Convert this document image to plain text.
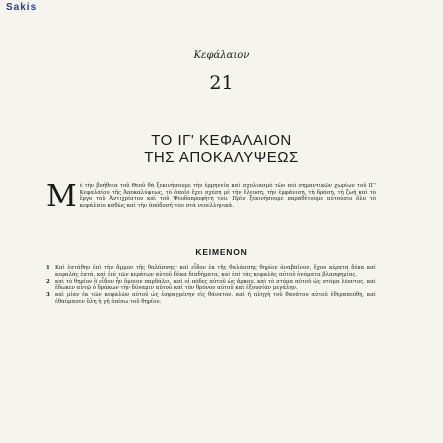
Sakis
Κεφάλαιον
21
ΤΟ ΙΓ' ΚΕΦΑΛΑΙΟΝ
ΤΗΣ ΑΠΟΚΑΛΥΨΕΩΣ
Μ έ τὴν βοήθεια τοῦ Θεοῦ θὰ ξεκινήσουμε τὴν ἑρμηνεία καὶ σχολιασμὸ τῶν πιὸ σημαντικῶν χωρίων τοῦ ΙΓ' Κεφαλαίου τῆς Ἀποκαλύψεως, τὸ ὁποῖο ἔχει σχέση μὲ τὴν ἔλευση, τὴν ἐμφάνιση, τὴ δράση, τὴ ζωὴ καὶ τὸ ἔργο τοῦ Ἀντιχρίστου καὶ τοῦ Ψευδοπροφήτη του. Πρὶν ξεκινήσουμε παραθέτουμε αὐτούσιο ὅλο τὸ κεφάλαιο καθὼς καὶ τὴν ἀπόδοσή του στὰ νεοελληνικά.
ΚΕΙΜΕΝΟΝ
1 Καὶ ἐστάθην ἐπὶ τὴν ἄμμον τῆς θαλάσσης· καὶ εἶδον ἐκ τῆς θαλάσσης θηρίον ἀναβαῖνον, ἔχον κέρατα δέκα καὶ κεφαλὰς ἑπτά, καὶ ἐπὶ τῶν κεράτων αὐτοῦ δέκα διαδήματα, καὶ ἐπὶ τὰς κεφαλὰς αὐτοῦ ὀνόματα βλασφημίας.
2 καὶ τὸ θηρίον ὃ εἶδον ἦν ὅμοιον παρδάλει, καὶ οἱ πόδες αὐτοῦ ὡς ἄρκου, καὶ τὸ στόμα αὐτοῦ ὡς στόμα λέοντος. καὶ ἔδωκεν αὐτῷ ὁ δράκων τὴν δύναμιν αὐτοῦ καὶ τὸν θρόνον αὐτοῦ καὶ ἐξουσίαν μεγάλην.
3 καὶ μίαν ἐκ τῶν κεφαλῶν αὐτοῦ ὡς ἐσφαγμένην εἰς θάνατον. καὶ ἡ πληγὴ τοῦ θανάτου αὐτοῦ ἐθεραπεύθη, καὶ ἐθαύμασεν ὅλη ἡ γῆ ὀπίσω τοῦ θηρίου.
